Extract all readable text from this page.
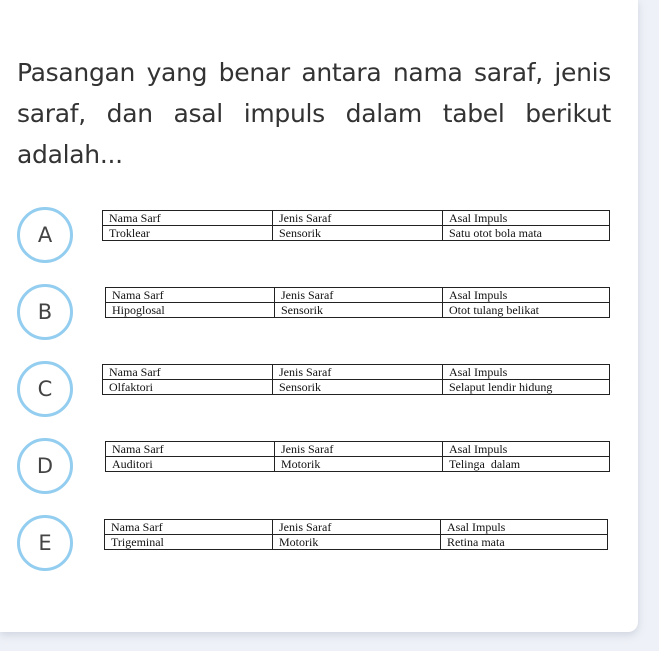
Pasangan yang benar antara nama saraf, jenis saraf, dan asal impuls dalam tabel berikut adalah...

A
Nama Sarf	Jenis Saraf	Asal Impuls
Troklear	Sensorik	Satu otot bola mata
B
Nama Sarf	Jenis Saraf	Asal Impuls
Hipoglosal	Sensorik	Otot tulang belikat
C
Nama Sarf	Jenis Saraf	Asal Impuls
Olfaktori	Sensorik	Selaput lendir hidung
D
Nama Sarf	Jenis Saraf	Asal Impuls
Auditori	Motorik	Telinga  dalam
E
Nama Sarf	Jenis Saraf	Asal Impuls
Trigeminal	Motorik	Retina mata
